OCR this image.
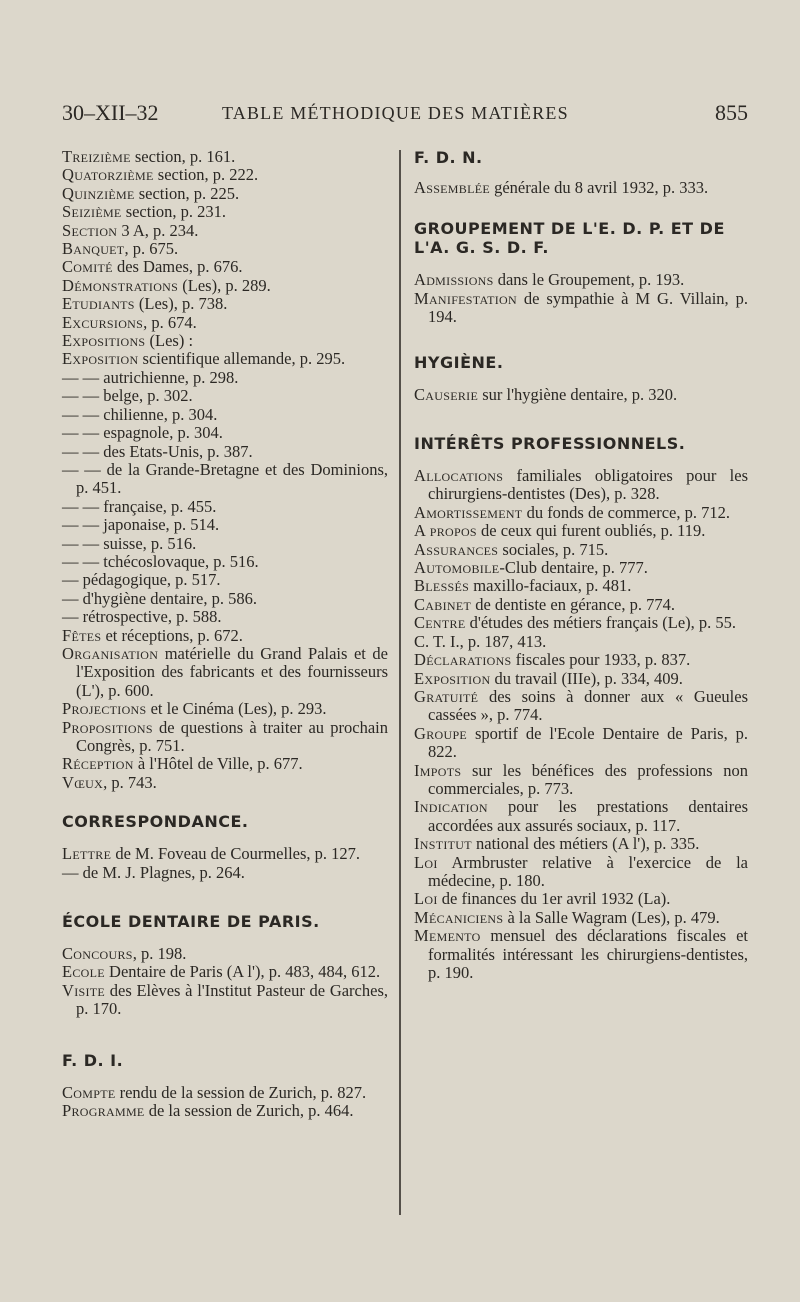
30–XII–32	TABLE MÉTHODIQUE DES MATIÈRES	855

Treizième section, p. 161.

Quatorzième section, p. 222.

Quinzième section, p. 225.

Seizième section, p. 231.

Section 3 A, p. 234.

Banquet, p. 675.

Comité des Dames, p. 676.

Démonstrations (Les), p. 289.

Etudiants (Les), p. 738.

Excursions, p. 674.

Expositions (Les) :

Exposition scientifique allemande, p. 295.

— — autrichienne, p. 298.

— — belge, p. 302.

— — chilienne, p. 304.

— — espagnole, p. 304.

— — des Etats-Unis, p. 387.

— — de la Grande-Bretagne et des Dominions, p. 451.

— — française, p. 455.

— — japonaise, p. 514.

— — suisse, p. 516.

— — tchécoslovaque, p. 516.

— pédagogique, p. 517.

— d'hygiène dentaire, p. 586.

— rétrospective, p. 588.

Fêtes et réceptions, p. 672.

Organisation matérielle du Grand Palais et de l'Exposition des fabricants et des fournisseurs (L'), p. 600.

Projections et le Cinéma (Les), p. 293.

Propositions de questions à traiter au prochain Congrès, p. 751.

Réception à l'Hôtel de Ville, p. 677.

Vœux, p. 743.

CORRESPONDANCE.

Lettre de M. Foveau de Courmelles, p. 127.

— de M. J. Plagnes, p. 264.

ÉCOLE DENTAIRE DE PARIS.

Concours, p. 198.

Ecole Dentaire de Paris (A l'), p. 483, 484, 612.

Visite des Elèves à l'Institut Pasteur de Garches, p. 170.

F. D. I.

Compte rendu de la session de Zurich, p. 827.

Programme de la session de Zurich, p. 464.

F. D. N.

Assemblée générale du 8 avril 1932, p. 333.

GROUPEMENT DE L'E. D. P. ET DE L'A. G. S. D. F.

Admissions dans le Groupement, p. 193.

Manifestation de sympathie à M G. Villain, p. 194.

HYGIÈNE.

Causerie sur l'hygiène dentaire, p. 320.

INTÉRÊTS PROFESSIONNELS.

Allocations familiales obligatoires pour les chirurgiens-dentistes (Des), p. 328.

Amortissement du fonds de commerce, p. 712.

A propos de ceux qui furent oubliés, p. 119.

Assurances sociales, p. 715.

Automobile-Club dentaire, p. 777.

Blessés maxillo-faciaux, p. 481.

Cabinet de dentiste en gérance, p. 774.

Centre d'études des métiers français (Le), p. 55.

C. T. I., p. 187, 413.

Déclarations fiscales pour 1933, p. 837.

Exposition du travail (IIIe), p. 334, 409.

Gratuité des soins à donner aux « Gueules cassées », p. 774.

Groupe sportif de l'Ecole Dentaire de Paris, p. 822.

Impots sur les bénéfices des professions non commerciales, p. 773.

Indication pour les prestations dentaires accordées aux assurés sociaux, p. 117.

Institut national des métiers (A l'), p. 335.

Loi Armbruster relative à l'exercice de la médecine, p. 180.

Loi de finances du 1er avril 1932 (La).

Mécaniciens à la Salle Wagram (Les), p. 479.

Memento mensuel des déclarations fiscales et formalités intéressant les chirurgiens-dentistes, p. 190.
